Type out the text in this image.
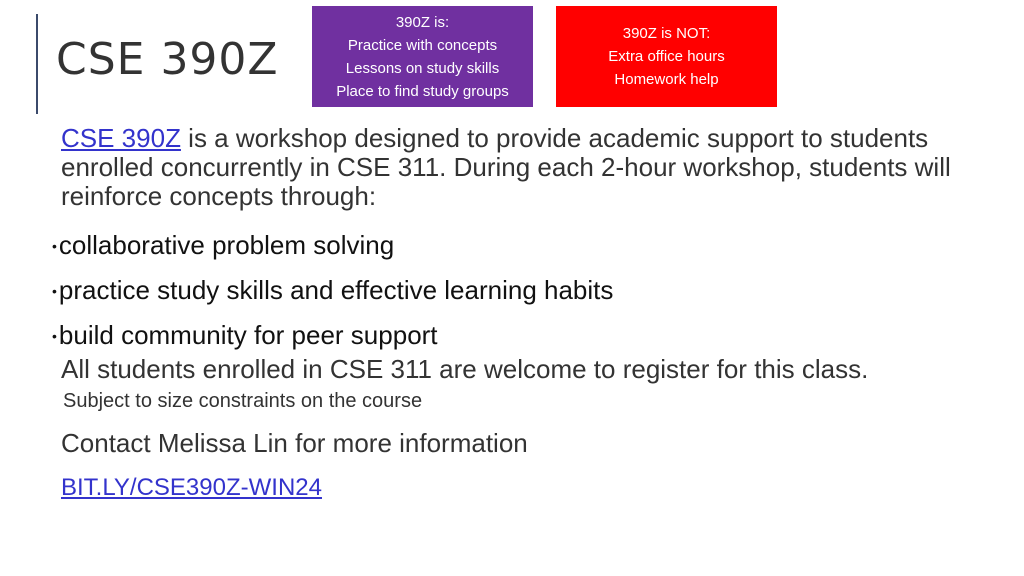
CSE 390Z
390Z is:
Practice with concepts
Lessons on study skills
Place to find study groups
390Z is NOT:
Extra office hours
Homework help
CSE 390Z is a workshop designed to provide academic support to students enrolled concurrently in CSE 311. During each 2-hour workshop, students will reinforce concepts through:
•collaborative problem solving
•practice study skills and effective learning habits
•build community for peer support
All students enrolled in CSE 311 are welcome to register for this class.
Subject to size constraints on the course
Contact Melissa Lin for more information
BIT.LY/CSE390Z-WIN24
